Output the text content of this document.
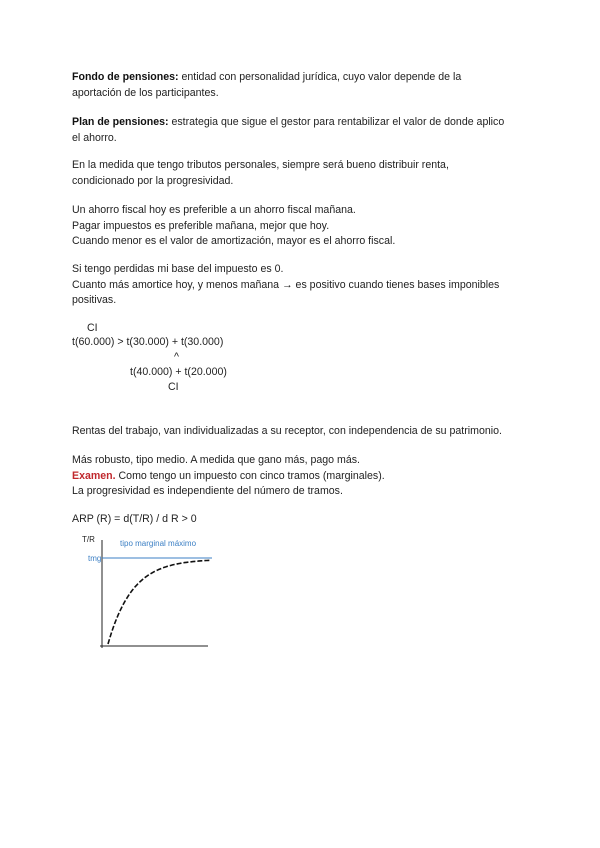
Fondo de pensiones: entidad con personalidad jurídica, cuyo valor depende de la
aportación de los participantes.
Plan de pensiones: estrategia que sigue el gestor para rentabilizar el valor de donde aplico
el ahorro.
En la medida que tengo tributos personales, siempre será bueno distribuir renta,
condicionado por la progresividad.
Un ahorro fiscal hoy es preferible a un ahorro fiscal mañana.
Pagar impuestos es preferible mañana, mejor que hoy.
Cuando menor es el valor de amortización, mayor es el ahorro fiscal.
Si tengo perdidas mi base del impuesto es 0.
Cuanto más amortice hoy, y menos mañana → es positivo cuando tienes bases imponibles
positivas.
CI
t(60.000) > t(30.000) + t(30.000)
^
t(40.000) + t(20.000)
CI
Rentas del trabajo, van individualizadas a su receptor, con independencia de su patrimonio.
Más robusto, tipo medio. A medida que gano más, pago más.
Examen. Como tengo un impuesto con cinco tramos (marginales).
La progresividad es independiente del número de tramos.
ARP (R) = d(T/R) / d R > 0
T/R
tmg
tipo marginal máximo
